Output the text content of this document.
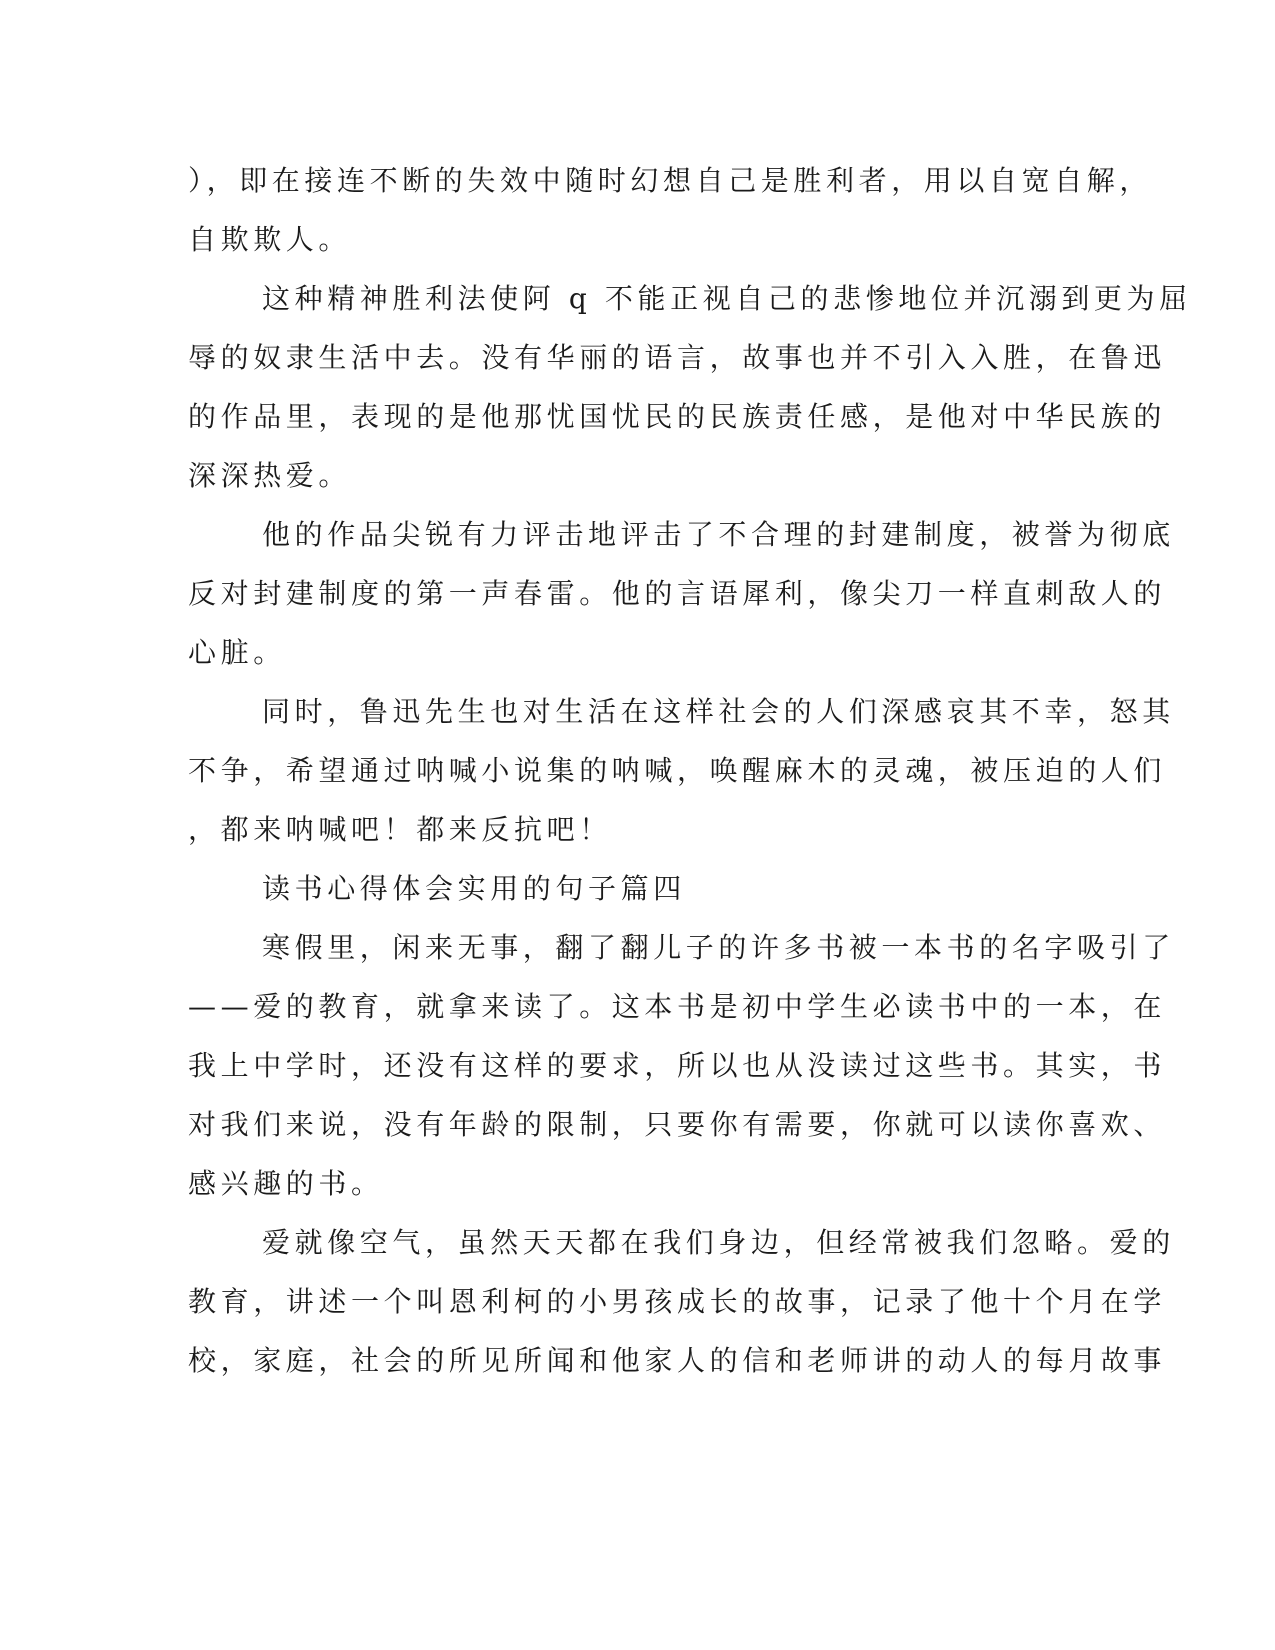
），即在接连不断的失效中随时幻想自己是胜利者，用以自宽自解，
自欺欺人。
这种精神胜利法使阿 q 不能正视自己的悲惨地位并沉溺到更为屈
辱的奴隶生活中去。没有华丽的语言，故事也并不引入入胜，在鲁迅
的作品里，表现的是他那忧国忧民的民族责任感，是他对中华民族的
深深热爱。
他的作品尖锐有力评击地评击了不合理的封建制度，被誉为彻底
反对封建制度的第一声春雷。他的言语犀利，像尖刀一样直刺敌人的
心脏。
同时，鲁迅先生也对生活在这样社会的人们深感哀其不幸，怒其
不争，希望通过呐喊小说集的呐喊，唤醒麻木的灵魂，被压迫的人们
，都来呐喊吧！都来反抗吧！
读书心得体会实用的句子篇四
寒假里，闲来无事，翻了翻儿子的许多书被一本书的名字吸引了
——爱的教育，就拿来读了。这本书是初中学生必读书中的一本，在
我上中学时，还没有这样的要求，所以也从没读过这些书。其实，书
对我们来说，没有年龄的限制，只要你有需要，你就可以读你喜欢、
感兴趣的书。
爱就像空气，虽然天天都在我们身边，但经常被我们忽略。爱的
教育，讲述一个叫恩利柯的小男孩成长的故事，记录了他十个月在学
校，家庭，社会的所见所闻和他家人的信和老师讲的动人的每月故事
